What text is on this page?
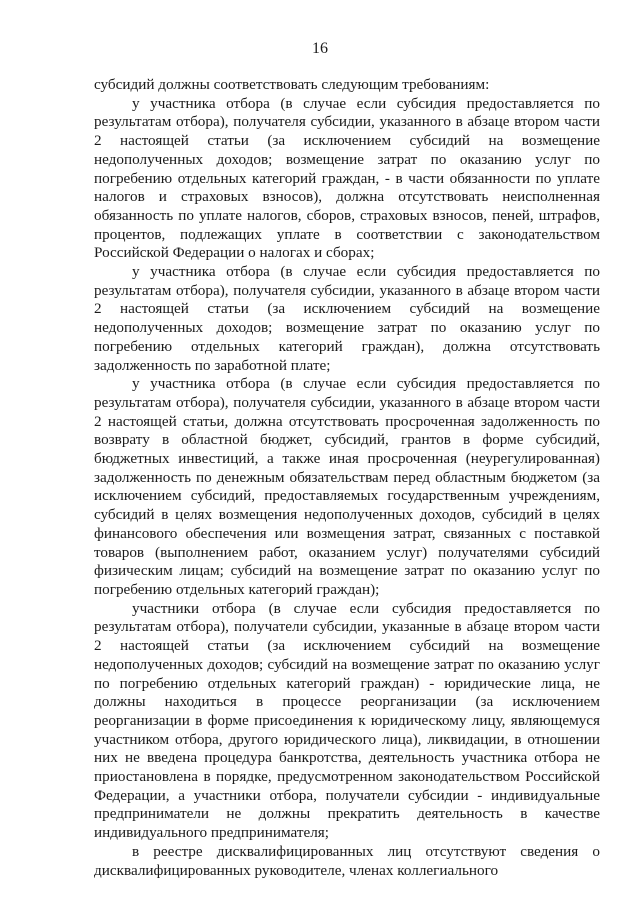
16

субсидий должны соответствовать следующим требованиям:

у участника отбора (в случае если субсидия предоставляется по результатам отбора), получателя субсидии, указанного в абзаце втором части 2 настоящей статьи (за исключением субсидий на возмещение недополученных доходов; возмещение затрат по оказанию услуг по погребению отдельных категорий граждан, - в части обязанности по уплате налогов и страховых взносов), должна отсутствовать неисполненная обязанность по уплате налогов, сборов, страховых взносов, пеней, штрафов, процентов, подлежащих уплате в соответствии с законодательством Российской Федерации о налогах и сборах;

у участника отбора (в случае если субсидия предоставляется по результатам отбора), получателя субсидии, указанного в абзаце втором части 2 настоящей статьи (за исключением субсидий на возмещение недополученных доходов; возмещение затрат по оказанию услуг по погребению отдельных категорий граждан), должна отсутствовать задолженность по заработной плате;

у участника отбора (в случае если субсидия предоставляется по результатам отбора), получателя субсидии, указанного в абзаце втором части 2 настоящей статьи, должна отсутствовать просроченная задолженность по возврату в областной бюджет, субсидий, грантов в форме субсидий, бюджетных инвестиций, а также иная просроченная (неурегулированная) задолженность по денежным обязательствам перед областным бюджетом (за исключением субсидий, предоставляемых государственным учреждениям, субсидий в целях возмещения недополученных доходов, субсидий в целях финансового обеспечения или возмещения затрат, связанных с поставкой товаров (выполнением работ, оказанием услуг) получателями субсидий физическим лицам; субсидий на возмещение затрат по оказанию услуг по погребению отдельных категорий граждан);

участники отбора (в случае если субсидия предоставляется по результатам отбора), получатели субсидии, указанные в абзаце втором части 2 настоящей статьи (за исключением субсидий на возмещение недополученных доходов; субсидий на возмещение затрат по оказанию услуг по погребению отдельных категорий граждан) - юридические лица, не должны находиться в процессе реорганизации (за исключением реорганизации в форме присоединения к юридическому лицу, являющемуся участником отбора, другого юридического лица), ликвидации, в отношении них не введена процедура банкротства, деятельность участника отбора не приостановлена в порядке, предусмотренном законодательством Российской Федерации, а участники отбора, получатели субсидии - индивидуальные предприниматели не должны прекратить деятельность в качестве индивидуального предпринимателя;

в реестре дисквалифицированных лиц отсутствуют сведения о дисквалифицированных руководителе, членах коллегиального
